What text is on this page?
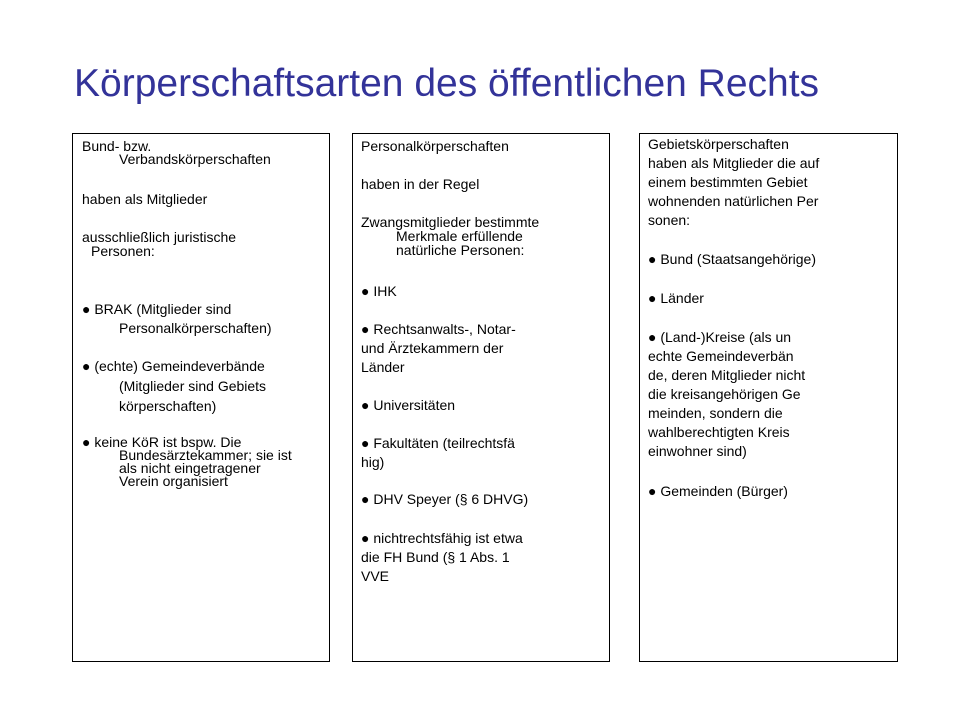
Körperschaftsarten des öffentlichen Rechts

Bund- bzw.

Verbandskörperschaften

haben als Mitglieder

ausschließlich juristische

Personen:

● BRAK (Mitglieder sind

Personalkörperschaften)

● (echte) Gemeindeverbände

(Mitglieder sind Gebiets

körperschaften)

● keine KöR ist bspw. Die

Bundesärztekammer; sie ist

als nicht eingetragener

Verein organisiert

Personalkörperschaften

haben in der Regel

Zwangsmitglieder bestimmte

Merkmale erfüllende

natürliche Personen:

● IHK

● Rechtsanwalts-, Notar-

und Ärztekammern der

Länder

● Universitäten

● Fakultäten (teilrechtsfä

hig)

● DHV Speyer (§ 6 DHVG)

● nichtrechtsfähig ist etwa

die FH Bund (§ 1 Abs. 1

VVE

Gebietskörperschaften

haben als Mitglieder die auf

einem bestimmten Gebiet

wohnenden natürlichen Per

sonen:

● Bund (Staatsangehörige)

● Länder

● (Land-)Kreise (als un

echte Gemeindeverbän

de, deren Mitglieder nicht

die kreisangehörigen Ge

meinden, sondern die

wahlberechtigten Kreis

einwohner sind)

● Gemeinden (Bürger)
